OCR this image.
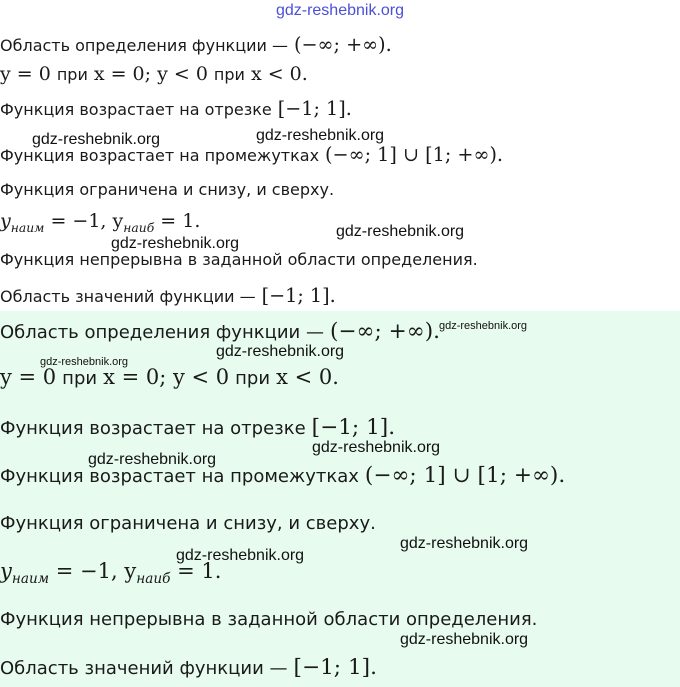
gdz-reshebnik.org
Область определения функции — (−∞; +∞).
y = 0 при x = 0; y < 0 при x < 0.
Функция возрастает на отрезке [−1; 1].
Функция возрастает на промежутках (−∞; 1] ∪ [1; +∞).
Функция ограничена и снизу, и сверху.
$y_{наим} = -1$, $y_{наиб} = 1$.
Функция непрерывна в заданной области определения.
Область значений функции — [−1; 1].
Область определения функции — (−∞; +∞).
y = 0 при x = 0; y < 0 при x < 0.
Функция возрастает на отрезке [−1; 1].
Функция возрастает на промежутках (−∞; 1] ∪ [1; +∞).
Функция ограничена и снизу, и сверху.
$y_{наим} = -1$, $y_{наиб} = 1$.
Функция непрерывна в заданной области определения.
Область значений функции — [−1; 1].
gdz-reshebnik.org	gdz-reshebnik.org
gdz-reshebnik.org
gdz-reshebnik.org
gdz-reshebnik.org
gdz-reshebnik.org
gdz-reshebnik.org
gdz-reshebnik.org
gdz-reshebnik.org
gdz-reshebnik.org
gdz-reshebnik.org
gdz-reshebnik.org
